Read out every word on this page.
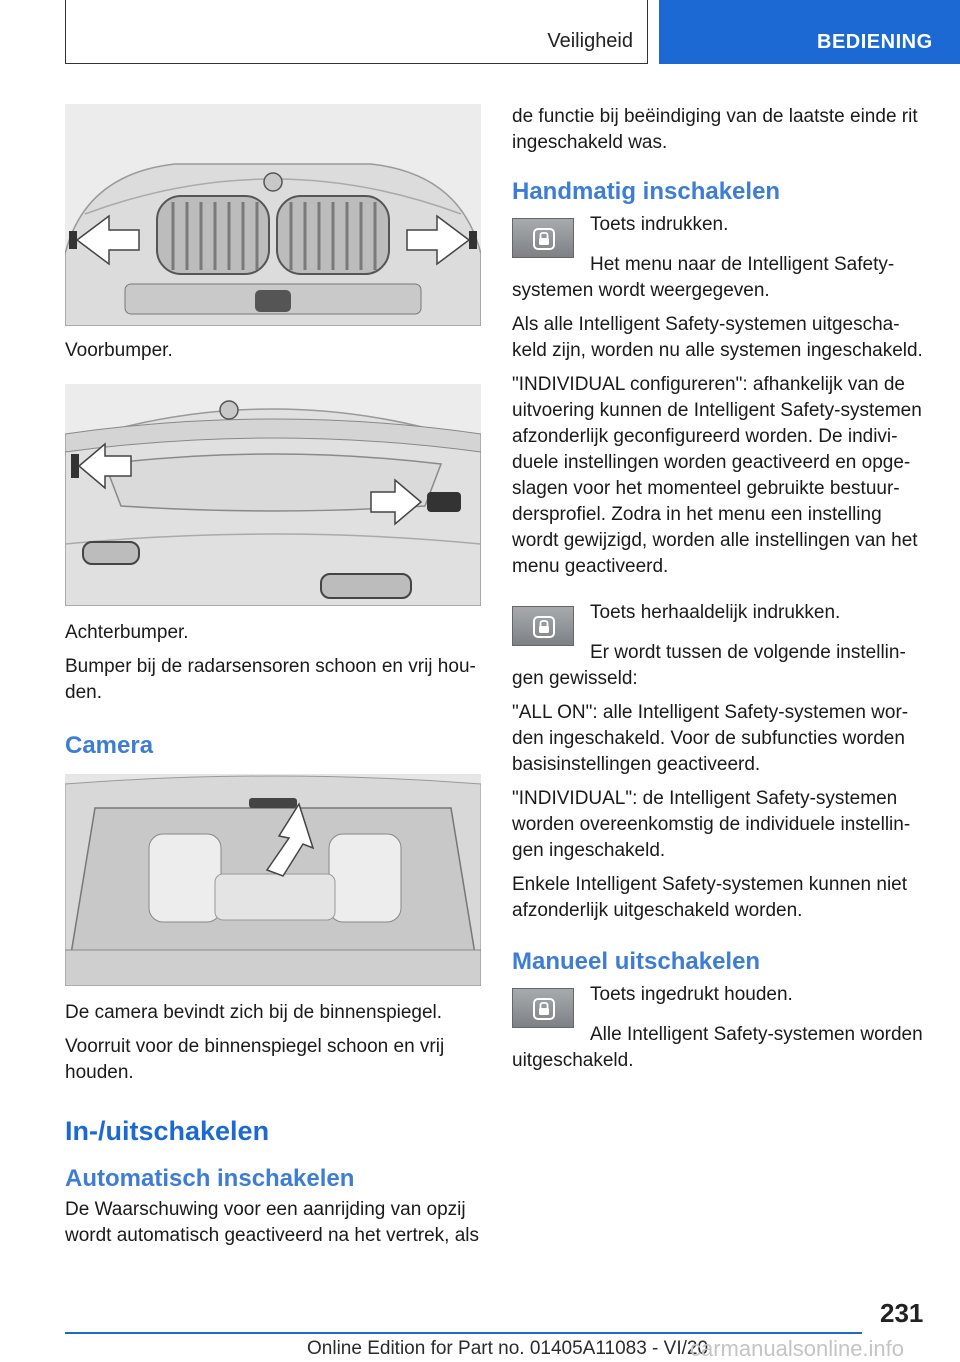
Veiligheid	BEDIENING

Voorbumper.

Achterbumper.

Bumper bij de radarsensoren schoon en vrij hou-den.

Camera

De camera bevindt zich bij de binnenspiegel.

Voorruit voor de binnenspiegel schoon en vrij houden.

In-/uitschakelen
Automatisch inschakelen

De Waarschuwing voor een aanrijding van opzij wordt automatisch geactiveerd na het vertrek, als

de functie bij beëindiging van de laatste einde rit ingeschakeld was.

Handmatig inschakelen

Toets indrukken.

Het menu naar de Intelligent Safety-systemen wordt weergegeven.

Als alle Intelligent Safety-systemen uitgescha-keld zijn, worden nu alle systemen ingeschakeld.

"INDIVIDUAL configureren": afhankelijk van de uitvoering kunnen de Intelligent Safety-systemen afzonderlijk geconfigureerd worden. De indivi-duele instellingen worden geactiveerd en opge-slagen voor het momenteel gebruikte bestuur-dersprofiel. Zodra in het menu een instelling wordt gewijzigd, worden alle instellingen van het menu geactiveerd.

Toets herhaaldelijk indrukken.

Er wordt tussen de volgende instellin-gen gewisseld:

"ALL ON": alle Intelligent Safety-systemen wor-den ingeschakeld. Voor de subfuncties worden basisinstellingen geactiveerd.

"INDIVIDUAL": de Intelligent Safety-systemen worden overeenkomstig de individuele instellin-gen ingeschakeld.

Enkele Intelligent Safety-systemen kunnen niet afzonderlijk uitgeschakeld worden.

Manueel uitschakelen

Toets ingedrukt houden.

Alle Intelligent Safety-systemen worden uitgeschakeld.

231
Online Edition for Part no. 01405A11083 - VI/20
carmanualsonline.info
